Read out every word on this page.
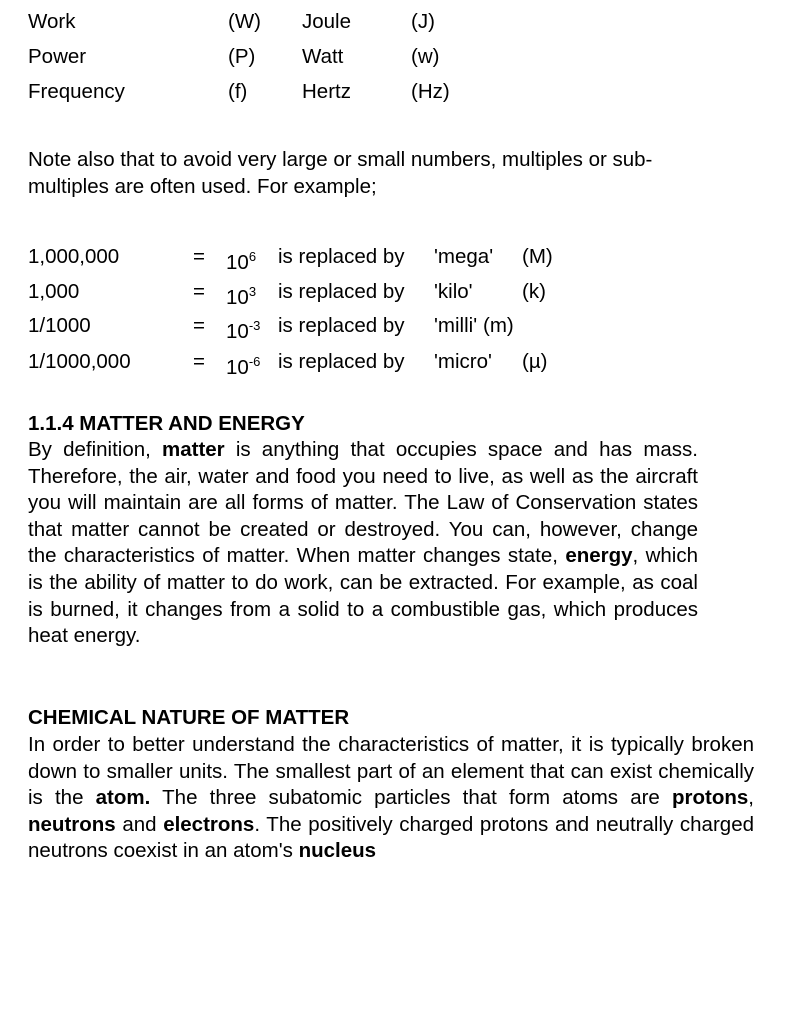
Work	(W) Joule	(J)
Power	(P) Watt	(w)
Frequency	(f)	Hertz	(Hz)
Note also that to avoid very large or small numbers, multiples or sub-multiples are often used. For example;
1,000,000	= $10^6$ is replaced by 'mega' (M)
1,000	= $10^3$ is replaced by 'kilo' (k)
1/1000	= $10^{-3}$ is replaced by 'milli' (m)
1/1000,000	= $10^{-6}$ is replaced by 'micro' (µ)
1.1.4 MATTER AND ENERGY
By definition, matter is anything that occupies space and has mass. Therefore, the air, water and food you need to live, as well as the aircraft you will maintain are all forms of matter. The Law of Conservation states that matter cannot be created or destroyed. You can, however, change the characteristics of matter. When matter changes state, energy, which is the ability of matter to do work, can be extracted. For example, as coal is burned, it changes from a solid to a combustible gas, which produces heat energy.
CHEMICAL NATURE OF MATTER
In order to better understand the characteristics of matter, it is typically broken down to smaller units. The smallest part of an element that can exist chemically is the atom. The three subatomic particles that form atoms are protons, neutrons and electrons. The positively charged protons and neutrally charged neutrons coexist in an atom's nucleus
